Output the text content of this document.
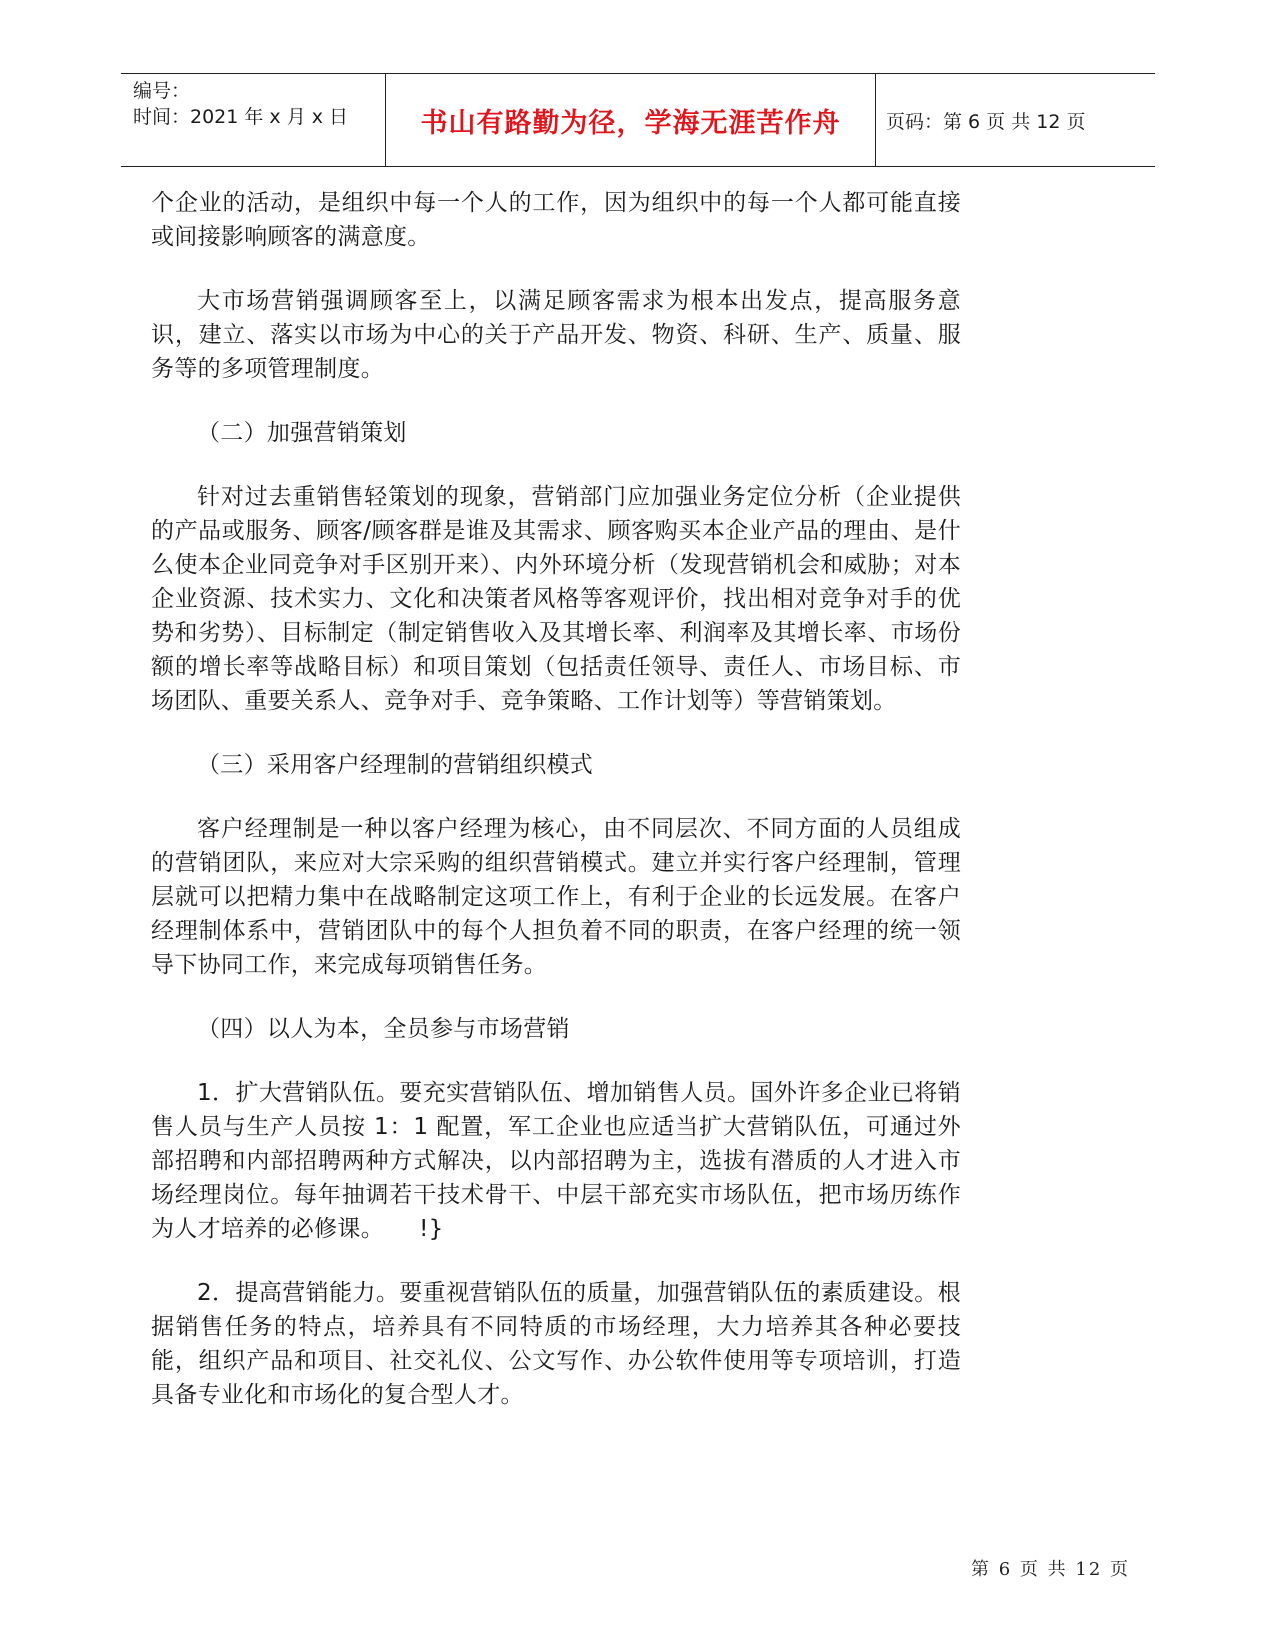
编号：
时间：2021 年 x 月 x 日	书山有路勤为径，学海无涯苦作舟 页码：第 6 页 共 12 页

个企业的活动，是组织中每一个人的工作，因为组织中的每一个人都可能直接或间接影响顾客的满意度。

大市场营销强调顾客至上，以满足顾客需求为根本出发点，提高服务意识，建立、落实以市场为中心的关于产品开发、物资、科研、生产、质量、服务等的多项管理制度。

（二）加强营销策划

针对过去重销售轻策划的现象，营销部门应加强业务定位分析（企业提供的产品或服务、顾客/顾客群是谁及其需求、顾客购买本企业产品的理由、是什么使本企业同竞争对手区别开来）、内外环境分析（发现营销机会和威胁；对本企业资源、技术实力、文化和决策者风格等客观评价，找出相对竞争对手的优势和劣势）、目标制定（制定销售收入及其增长率、利润率及其增长率、市场份额的增长率等战略目标）和项目策划（包括责任领导、责任人、市场目标、市场团队、重要关系人、竞争对手、竞争策略、工作计划等）等营销策划。

（三）采用客户经理制的营销组织模式

客户经理制是一种以客户经理为核心，由不同层次、不同方面的人员组成的营销团队，来应对大宗采购的组织营销模式。建立并实行客户经理制，管理层就可以把精力集中在战略制定这项工作上，有利于企业的长远发展。在客户经理制体系中，营销团队中的每个人担负着不同的职责，在客户经理的统一领导下协同工作，来完成每项销售任务。

（四）以人为本，全员参与市场营销

1．扩大营销队伍。要充实营销队伍、增加销售人员。国外许多企业已将销售人员与生产人员按 1：1 配置，军工企业也应适当扩大营销队伍，可通过外部招聘和内部招聘两种方式解决，以内部招聘为主，选拔有潜质的人才进入市场经理岗位。每年抽调若干技术骨干、中层干部充实市场队伍，把市场历练作为人才培养的必修课。　　!}

2．提高营销能力。要重视营销队伍的质量，加强营销队伍的素质建设。根据销售任务的特点，培养具有不同特质的市场经理，大力培养其各种必要技能，组织产品和项目、社交礼仪、公文写作、办公软件使用等专项培训，打造具备专业化和市场化的复合型人才。

第 6 页 共 12 页
